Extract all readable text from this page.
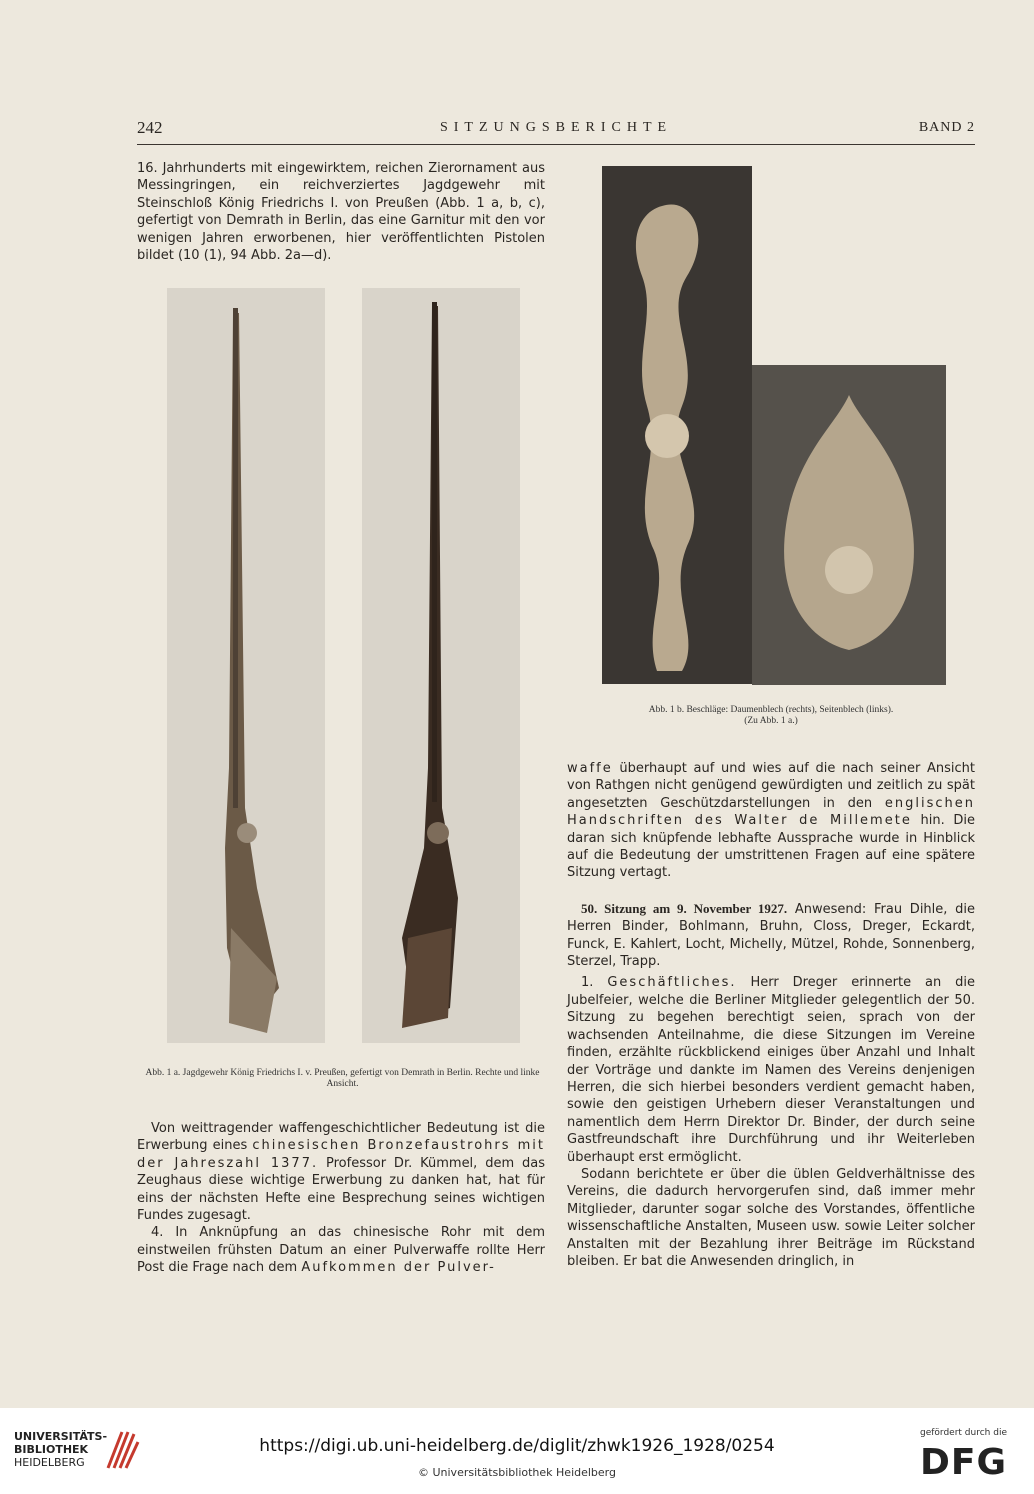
242	SITZUNGSBERICHTE	BAND 2

16. Jahrhunderts mit eingewirktem, reichen Zierornament aus Messingringen, ein reichverziertes Jagdgewehr mit Steinschloß König Friedrichs I. von Preußen (Abb. 1 a, b, c), gefertigt von Demrath in Berlin, das eine Garnitur mit den vor wenigen Jahren erworbenen, hier veröffentlichten Pistolen bildet (10 (1), 94 Abb. 2a—d).

Abb. 1 a. Jagdgewehr König Friedrichs I. v. Preußen, gefertigt von Demrath in Berlin. Rechte und linke Ansicht.

Von weittragender waffengeschichtlicher Bedeutung ist die Erwerbung eines chinesischen Bronzefaustrohrs mit der Jahreszahl 1377. Professor Dr. Kümmel, dem das Zeughaus diese wichtige Erwerbung zu danken hat, hat für eins der nächsten Hefte eine Besprechung seines wichtigen Fundes zugesagt.

4. In Anknüpfung an das chinesische Rohr mit dem einstweilen frühsten Datum an einer Pulverwaffe rollte Herr Post die Frage nach dem Aufkommen der Pulver-

Abb. 1 b. Beschläge: Daumenblech (rechts), Seitenblech (links).
(Zu Abb. 1 a.)

waffe überhaupt auf und wies auf die nach seiner Ansicht von Rathgen nicht genügend gewürdigten und zeitlich zu spät angesetzten Geschützdarstellungen in den englischen Handschriften des Walter de Millemete hin. Die daran sich knüpfende lebhafte Aussprache wurde in Hinblick auf die Bedeutung der umstrittenen Fragen auf eine spätere Sitzung vertagt.

50. Sitzung am 9. November 1927. Anwesend: Frau Dihle, die Herren Binder, Bohlmann, Bruhn, Closs, Dreger, Eckardt, Funck, E. Kahlert, Locht, Michelly, Mützel, Rohde, Sonnenberg, Sterzel, Trapp.

1. Geschäftliches. Herr Dreger erinnerte an die Jubelfeier, welche die Berliner Mitglieder gelegentlich der 50. Sitzung zu begehen berechtigt seien, sprach von der wachsenden Anteilnahme, die diese Sitzungen im Vereine finden, erzählte rückblickend einiges über Anzahl und Inhalt der Vorträge und dankte im Namen des Vereins denjenigen Herren, die sich hierbei besonders verdient gemacht haben, sowie den geistigen Urhebern dieser Veranstaltungen und namentlich dem Herrn Direktor Dr. Binder, der durch seine Gastfreundschaft ihre Durchführung und ihr Weiterleben überhaupt erst ermöglicht.

Sodann berichtete er über die üblen Geldverhältnisse des Vereins, die dadurch hervorgerufen sind, daß immer mehr Mitglieder, darunter sogar solche des Vorstandes, öffentliche wissenschaftliche Anstalten, Museen usw. sowie Leiter solcher Anstalten mit der Bezahlung ihrer Beiträge im Rückstand bleiben. Er bat die Anwesenden dringlich, in

UNIVERSITÄTS-
BIBLIOTHEK
HEIDELBERG
https://digi.ub.uni-heidelberg.de/diglit/zhwk1926_1928/0254
© Universitätsbibliothek Heidelberg
gefördert durch die
DFG
